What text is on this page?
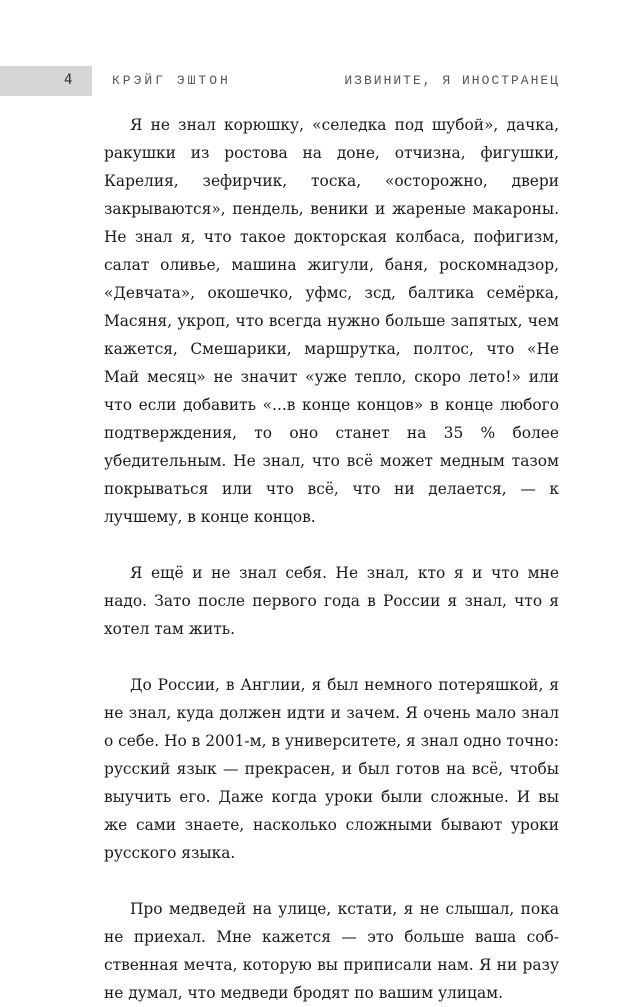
4	КРЭЙГ ЭШТОН	ИЗВИНИТЕ, Я ИНОСТРАНЕЦ

Я не знал корюшку, «селедка под шубой», дачка, ракушки из ростова на доне, отчизна, фигушки, Карелия, зефирчик, тоска, «осторожно, двери закрываются», пендель, веники и жареные макароны. Не знал я, что такое докторская колбаса, пофигизм, салат оливье, машина жигули, баня, роскомнадзор, «Девчата», окошечко, уфмс, зсд, балтика семёрка, Масяня, укроп, что всегда нужно больше запятых, чем кажется, Смешарики, маршрутка, полтос, что «Не Май месяц» не значит «уже тепло, скоро лето!» или что если добавить «...в конце концов» в конце любого подтверждения, то оно станет на 35 % более убедительным. Не знал, что всё может медным тазом покрываться или что всё, что ни делается, — к лучшему, в конце концов.

Я ещё и не знал себя. Не знал, кто я и что мне надо. Зато после первого года в России я знал, что я хотел там жить.

До России, в Англии, я был немного потеряшкой, я не знал, куда должен идти и зачем. Я очень мало знал о себе. Но в 2001-м, в университете, я знал одно точно: русский язык — прекрасен, и был готов на всё, чтобы выучить его. Даже когда уроки были сложные. И вы же сами знаете, насколько сложными бывают уроки русского языка.

Про медведей на улице, кстати, я не слышал, пока не приехал. Мне кажется — это больше ваша собственная мечта, которую вы приписали нам. Я ни разу не думал, что медведи бродят по вашим улицам.
